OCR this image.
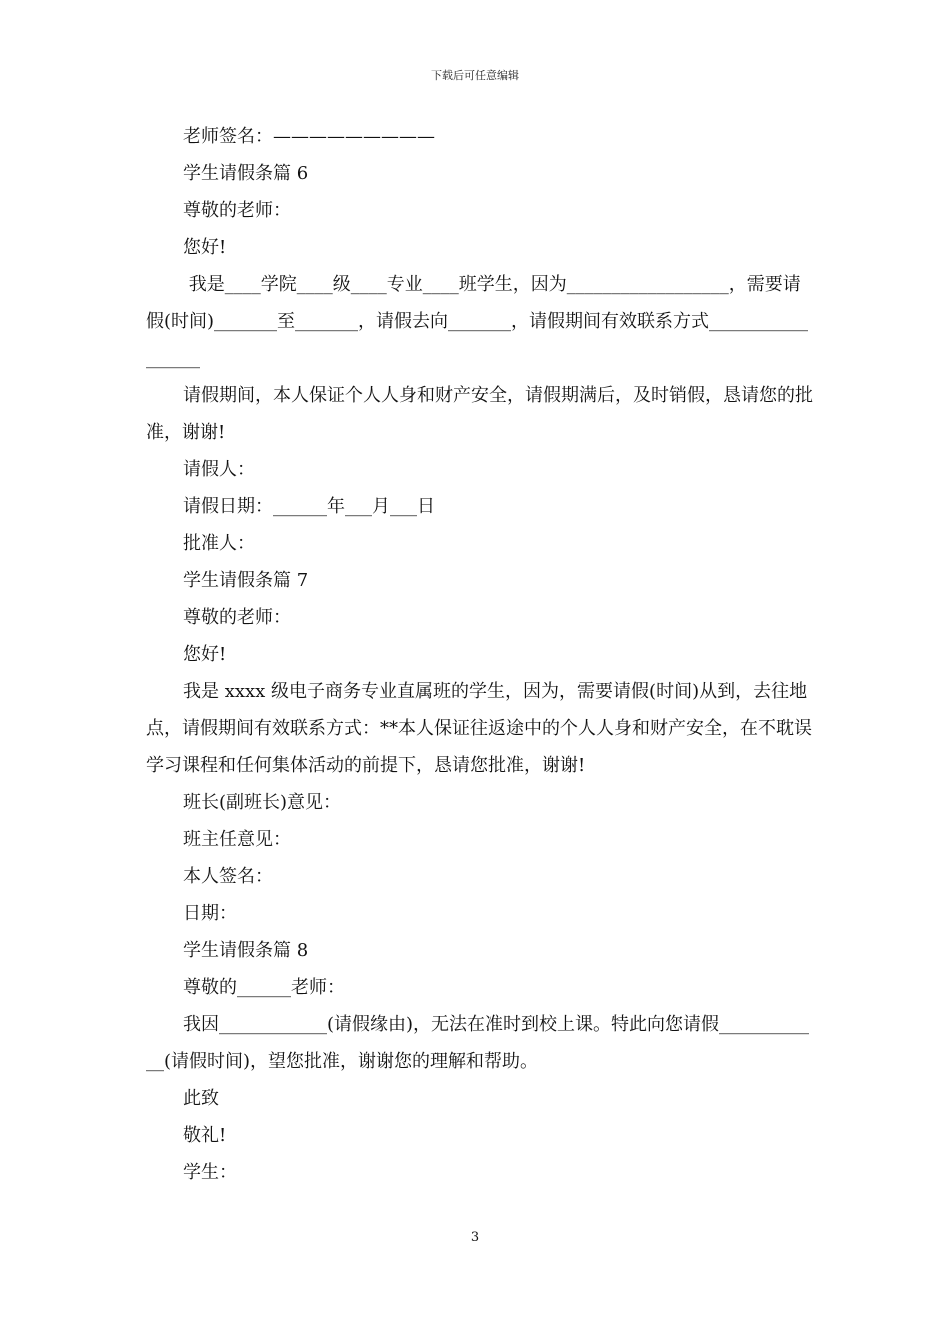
下载后可任意编辑

老师签名：—————————

学生请假条篇 6

尊敬的老师：

您好!

我是____学院____级____专业____班学生，因为__________________，需要请假(时间)_______至_______，请假去向_______，请假期间有效联系方式_________________

请假期间，本人保证个人人身和财产安全，请假期满后，及时销假，恳请您的批准，谢谢!

请假人：

请假日期：______年___月___日

批准人：

学生请假条篇 7

尊敬的老师：

您好!

我是 xxxx 级电子商务专业直属班的学生，因为，需要请假(时间)从到，去往地点，请假期间有效联系方式：**本人保证往返途中的个人人身和财产安全，在不耽误学习课程和任何集体活动的前提下，恳请您批准，谢谢!

班长(副班长)意见：

班主任意见：

本人签名：

日期：

学生请假条篇 8

尊敬的______老师：

我因____________(请假缘由)，无法在准时到校上课。特此向您请假____________(请假时间)，望您批准，谢谢您的理解和帮助。

此致

敬礼!

学生：

3
